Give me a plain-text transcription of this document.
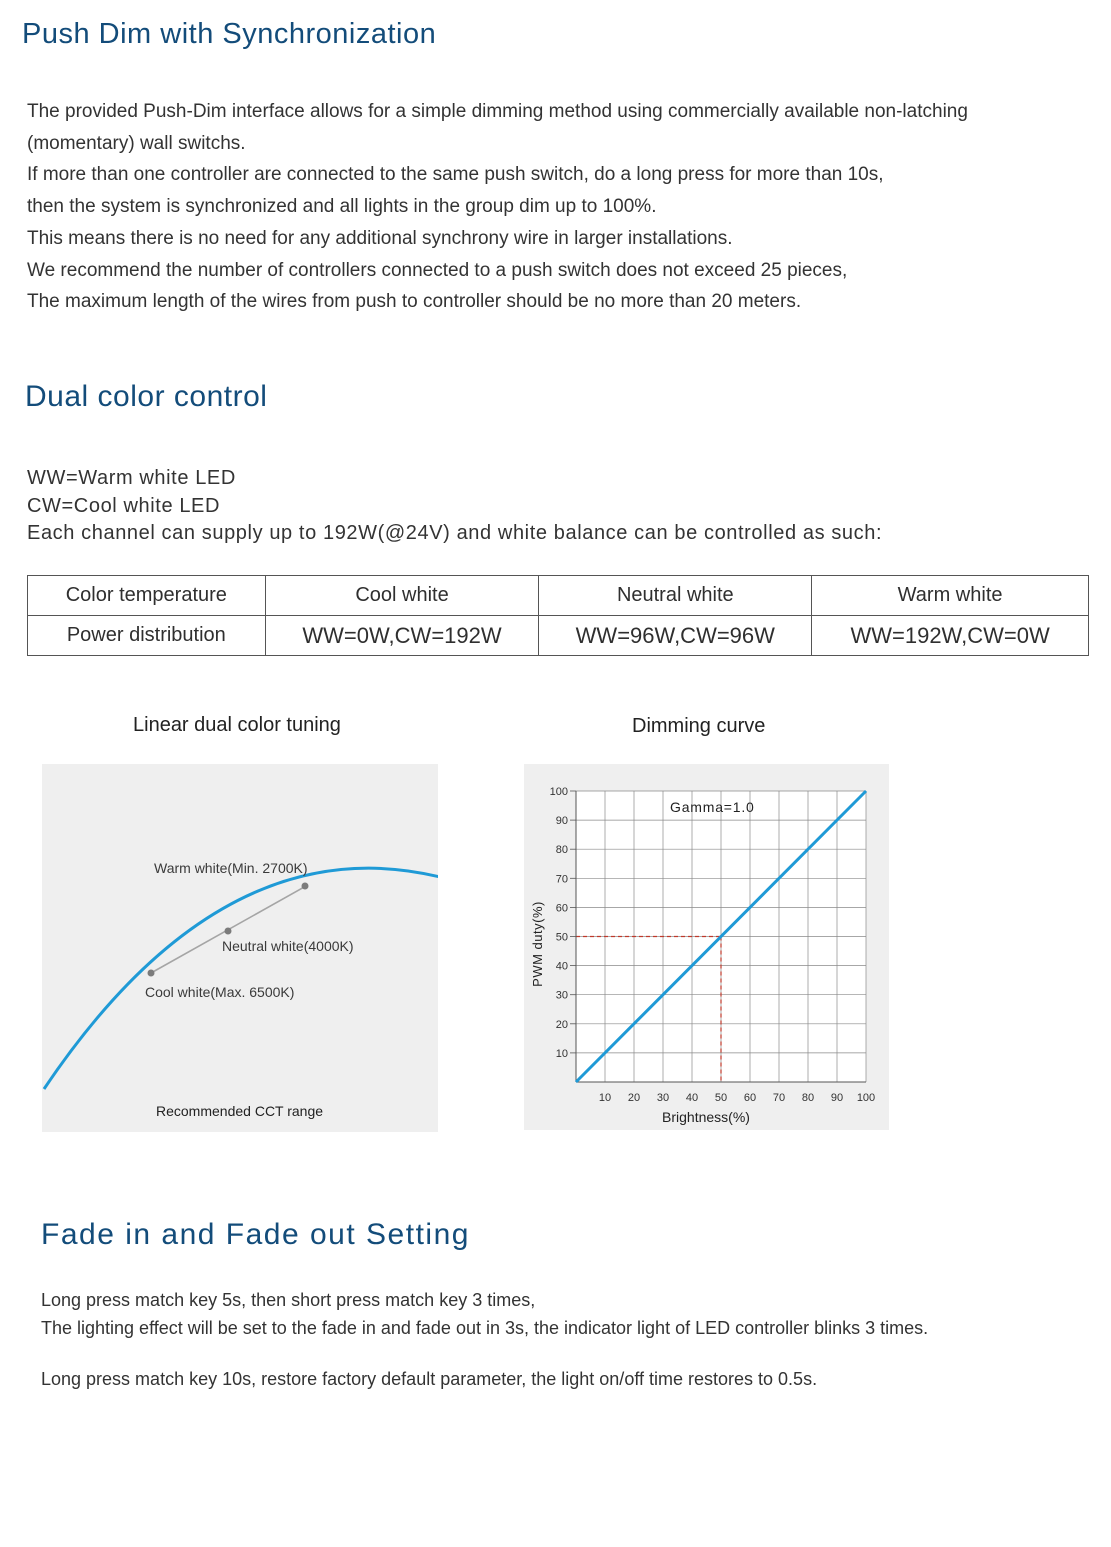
Push Dim with Synchronization
The provided Push-Dim interface allows for a simple dimming method using commercially available non-latching
(momentary) wall switchs.
If more than one controller are connected to the same push switch, do a long press for more than 10s,
then the system is synchronized and all lights in the group dim up to 100%.
This means there is no need for any additional synchrony wire in larger installations.
We recommend the number of controllers connected to a push switch does not exceed 25 pieces,
The maximum length of the wires from push to controller should be no more than 20 meters.
Dual color control
WW=Warm white LED
CW=Cool white LED
Each channel can supply up to 192W(@24V) and white balance can be controlled as such:
Color temperature	Cool white	Neutral white	Warm white
Power distribution	WW=0W,CW=192W	WW=96W,CW=96W	WW=192W,CW=0W
Linear dual color tuning
Warm white(Min. 2700K)
Neutral white(4000K)
Cool white(Max. 6500K)
Recommended CCT range
Dimming curve
10 20 30 40 50 60 70 80 90 100
10
20
30
40
50
60
70
80
90
100
Gamma=1.0
Brightness(%)
PWM duty(%)
Fade in and Fade out Setting
Long press match key 5s, then short press match key 3 times,
The lighting effect will be set to the fade in and fade out in 3s, the indicator light of LED controller blinks 3 times.
Long press match key 10s, restore factory default parameter, the light on/off time restores to 0.5s.
